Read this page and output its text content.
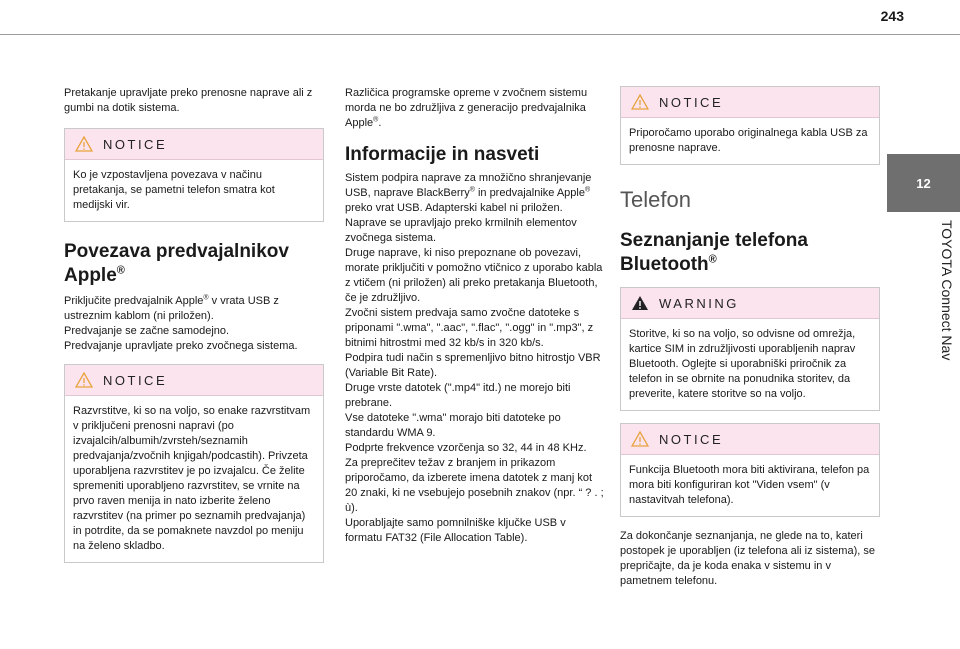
243
12
TOYOTA Connect Nav

Pretakanje upravljate preko prenosne naprave ali z gumbi na dotik sistema.

NOTICE

Ko je vzpostavljena povezava v načinu pretakanja, se pametni telefon smatra kot medijski vir.

Povezava predvajalnikov Apple®

Priključite predvajalnik Apple® v vrata USB z ustreznim kablom (ni priložen).

Predvajanje se začne samodejno.

Predvajanje upravljate preko zvočnega sistema.

NOTICE

Razvrstitve, ki so na voljo, so enake razvrstitvam v priključeni prenosni napravi (po izvajalcih/albumih/zvrsteh/seznamih predvajanja/zvočnih knjigah/podcastih). Privzeta uporabljena razvrstitev je po izvajalcu. Če želite spremeniti uporabljeno razvrstitev, se vrnite na prvo raven menija in nato izberite želeno razvrstitev (na primer po seznamih predvajanja) in potrdite, da se pomaknete navzdol po meniju na želeno skladbo.

Različica programske opreme v zvočnem sistemu morda ne bo združljiva z generacijo predvajalnika Apple®.

Informacije in nasveti

Sistem podpira naprave za množično shranjevanje USB, naprave BlackBerry® in predvajalnike Apple® preko vrat USB. Adapterski kabel ni priložen.

Naprave se upravljajo preko krmilnih elementov zvočnega sistema.

Druge naprave, ki niso prepoznane ob povezavi, morate priključiti v pomožno vtičnico z uporabo kabla z vtičem (ni priložen) ali preko pretakanja Bluetooth, če je združljivo.

Zvočni sistem predvaja samo zvočne datoteke s priponami ".wma", ".aac", ".flac", ".ogg" in ".mp3", z bitnimi hitrostmi med 32 kb/s in 320 kb/s.

Podpira tudi način s spremenljivo bitno hitrostjo VBR (Variable Bit Rate).

Druge vrste datotek (".mp4" itd.) ne morejo biti prebrane.

Vse datoteke ".wma" morajo biti datoteke po standardu WMA 9.

Podprte frekvence vzorčenja so 32, 44 in 48 KHz.

Za preprečitev težav z branjem in prikazom priporočamo, da izberete imena datotek z manj kot 20 znaki, ki ne vsebujejo posebnih znakov (npr. “ ? . ; ù).

Uporabljajte samo pomnilniške ključke USB v formatu FAT32 (File Allocation Table).

NOTICE

Priporočamo uporabo originalnega kabla USB za prenosne naprave.

Telefon
Seznanjanje telefona Bluetooth®
WARNING

Storitve, ki so na voljo, so odvisne od omrežja, kartice SIM in združljivosti uporabljenih naprav Bluetooth. Oglejte si uporabniški priročnik za telefon in se obrnite na ponudnika storitev, da preverite, katere storitve so na voljo.

NOTICE

Funkcija Bluetooth mora biti aktivirana, telefon pa mora biti konfiguriran kot "Viden vsem" (v nastavitvah telefona).

Za dokončanje seznanjanja, ne glede na to, kateri postopek je uporabljen (iz telefona ali iz sistema), se prepričajte, da je koda enaka v sistemu in v pametnem telefonu.
